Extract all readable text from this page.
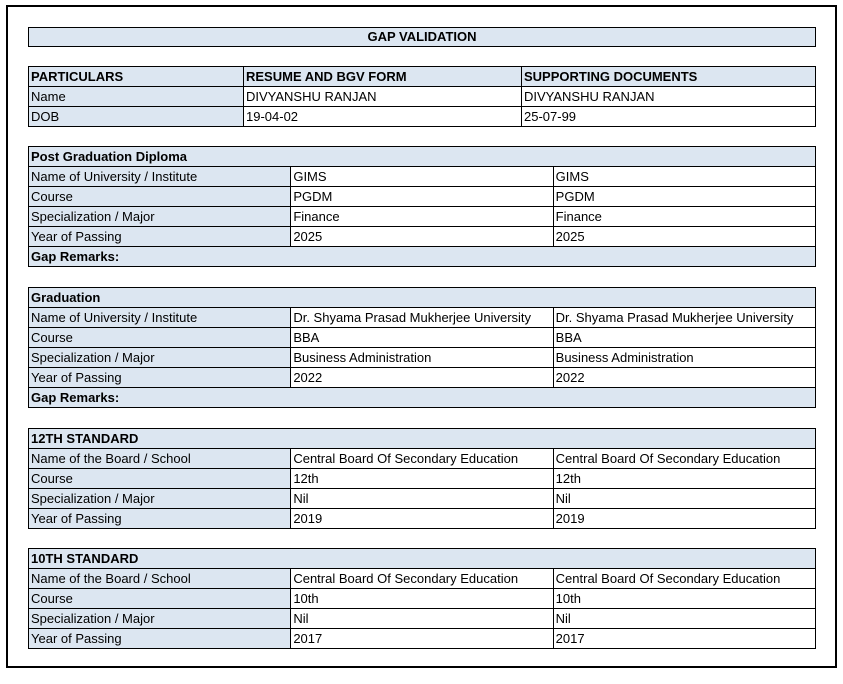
GAP VALIDATION
PARTICULARS	RESUME AND BGV FORM	SUPPORTING DOCUMENTS
Name	DIVYANSHU RANJAN	DIVYANSHU RANJAN
DOB	19-04-02	25-07-99
Post Graduation Diploma		
Name of University / Institute	GIMS	GIMS
Course	PGDM	PGDM
Specialization / Major	Finance	Finance
Year of Passing	2025	2025
Gap Remarks:		
Graduation		
Name of University / Institute	Dr. Shyama Prasad Mukherjee University	Dr. Shyama Prasad Mukherjee University
Course	BBA	BBA
Specialization / Major	Business Administration	Business Administration
Year of Passing	2022	2022
Gap Remarks:		
12TH STANDARD		
Name of the Board / School	Central Board Of Secondary Education	Central Board Of Secondary Education
Course	12th	12th
Specialization / Major	Nil	Nil
Year of Passing	2019	2019
10TH STANDARD		
Name of the Board / School	Central Board Of Secondary Education	Central Board Of Secondary Education
Course	10th	10th
Specialization / Major	Nil	Nil
Year of Passing	2017	2017
